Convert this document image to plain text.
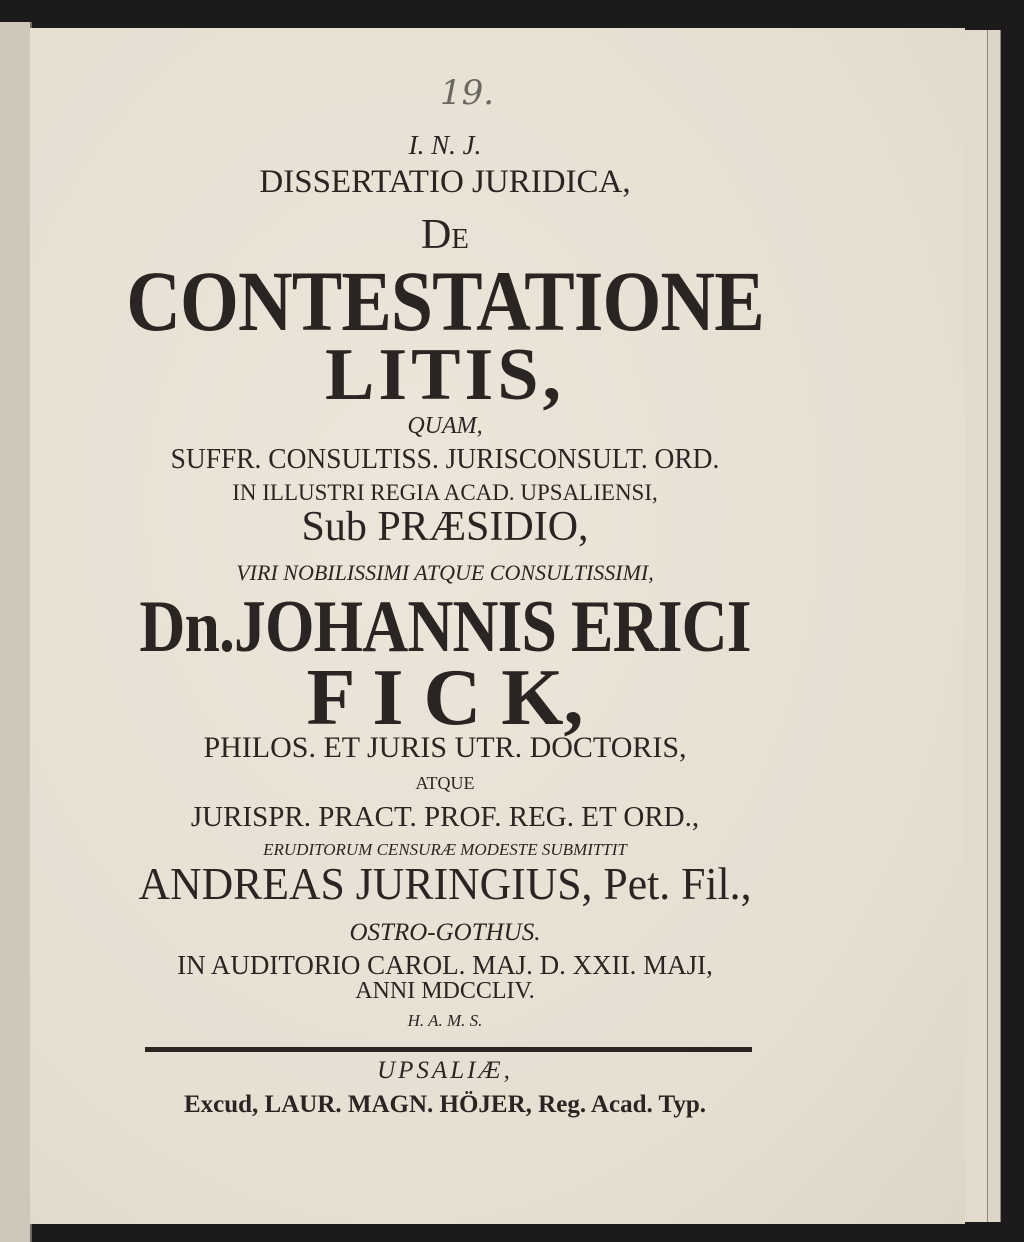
19.
I. N. J.
DISSERTATIO JURIDICA,
De
CONTESTATIONE
LITIS,
QUAM,
SUFFR. CONSULTISS. JURISCONSULT. ORD.
IN ILLUSTRI REGIA ACAD. UPSALIENSI,
Sub PRÆSIDIO,
VIRI NOBILISSIMI ATQUE CONSULTISSIMI,
Dn.JOHANNIS ERICI
F I C K,
PHILOS. ET JURIS UTR. DOCTORIS,
ATQUE
JURISPR. PRACT. PROF. REG. ET ORD.,
ERUDITORUM CENSURÆ MODESTE SUBMITTIT
ANDREAS JURINGIUS, Pet. Fil.,
OSTRO-GOTHUS.
IN AUDITORIO CAROL. MAJ. D. XXII. MAJI,
ANNI MDCCLIV.
H. A. M. S.
UPSALIÆ,
Excud, LAUR. MAGN. HÖJER, Reg. Acad. Typ.
